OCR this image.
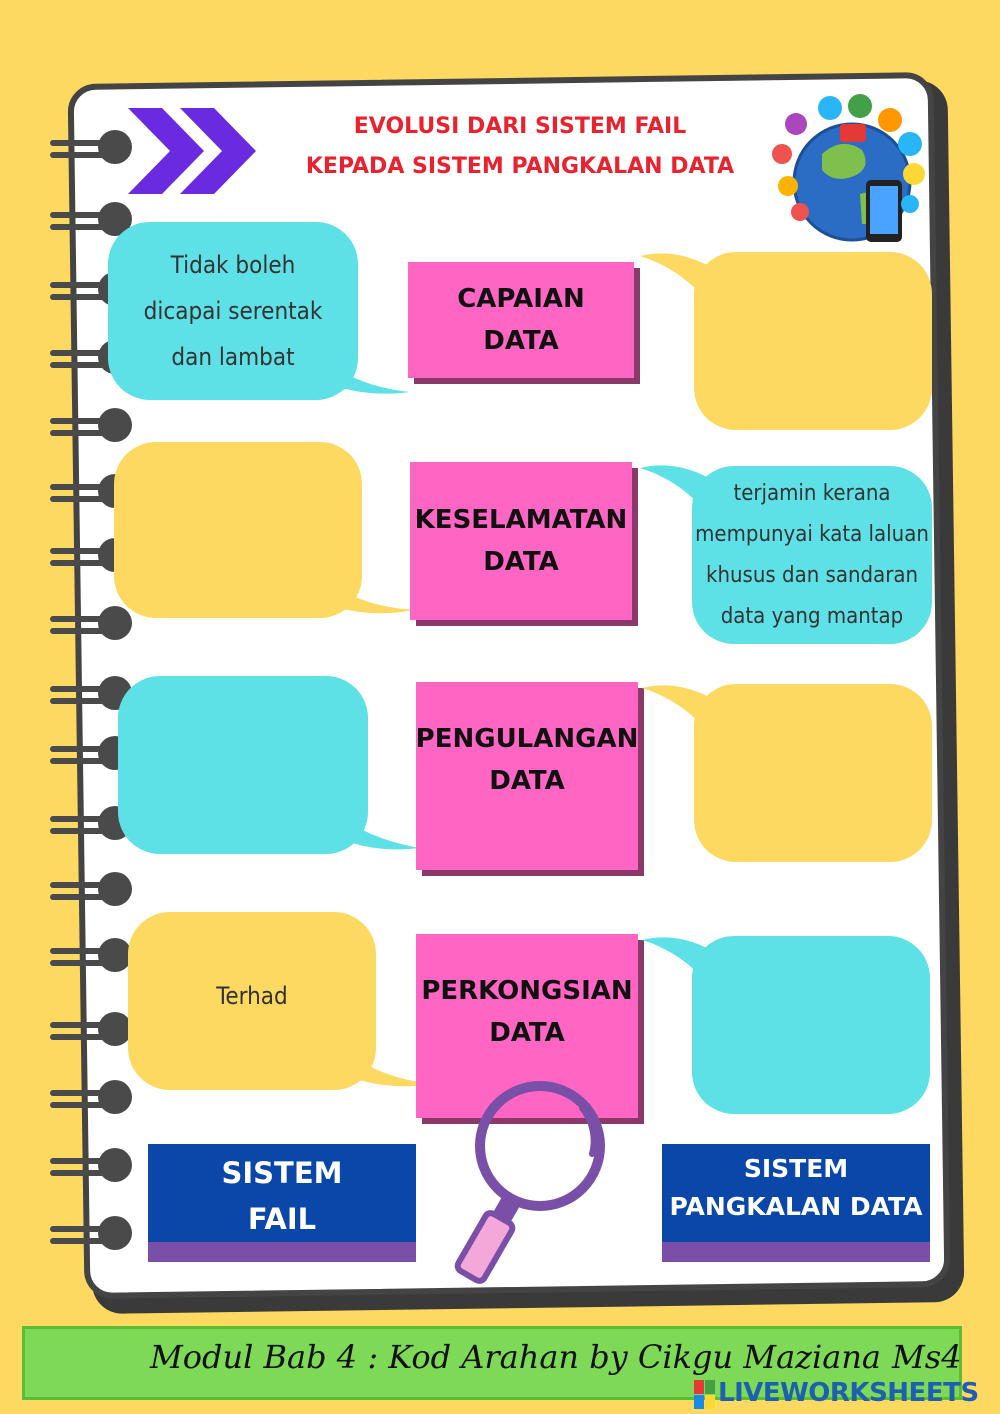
EVOLUSI DARI SISTEM FAIL
KEPADA SISTEM PANGKALAN DATA
Tidak boleh
dicapai serentak
dan lambat
CAPAIAN
DATA
KESELAMATAN
DATA
terjamin kerana
mempunyai kata laluan
khusus dan sandaran
data yang mantap
PENGULANGAN
DATA
Terhad	PERKONGSIAN
DATA
SISTEM
FAIL
SISTEM
PANGKALAN DATA
Modul Bab 4 : Kod Arahan by Cikgu Maziana Ms4
LIVEWORKSHEETS
